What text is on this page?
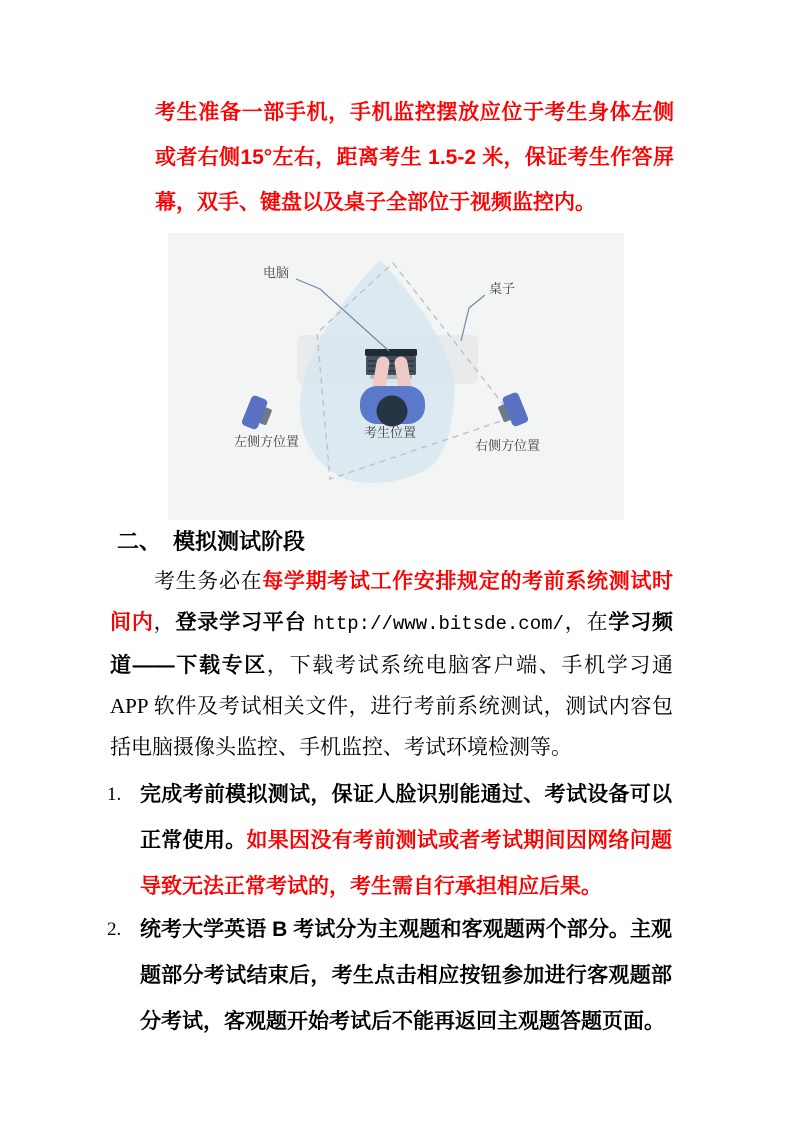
考生准备一部手机，手机监控摆放应位于考生身体左侧或者右侧15°左右，距离考生 1.5-2 米，保证考生作答屏幕，双手、键盘以及桌子全部位于视频监控内。

电脑
桌子
左侧方位置
考生位置
右侧方位置
二、 模拟测试阶段

考生务必在每学期考试工作安排规定的考前系统测试时间内，登录学习平台 http://www.bitsde.com/，在学习频道——下载专区，下载考试系统电脑客户端、手机学习通 APP 软件及考试相关文件，进行考前系统测试，测试内容包括电脑摄像头监控、手机监控、考试环境检测等。

1. 完成考前模拟测试，保证人脸识别能通过、考试设备可以正常使用。如果因没有考前测试或者考试期间因网络问题导致无法正常考试的，考生需自行承担相应后果。
2. 统考大学英语 B 考试分为主观题和客观题两个部分。主观题部分考试结束后，考生点击相应按钮参加进行客观题部分考试，客观题开始考试后不能再返回主观题答题页面。
